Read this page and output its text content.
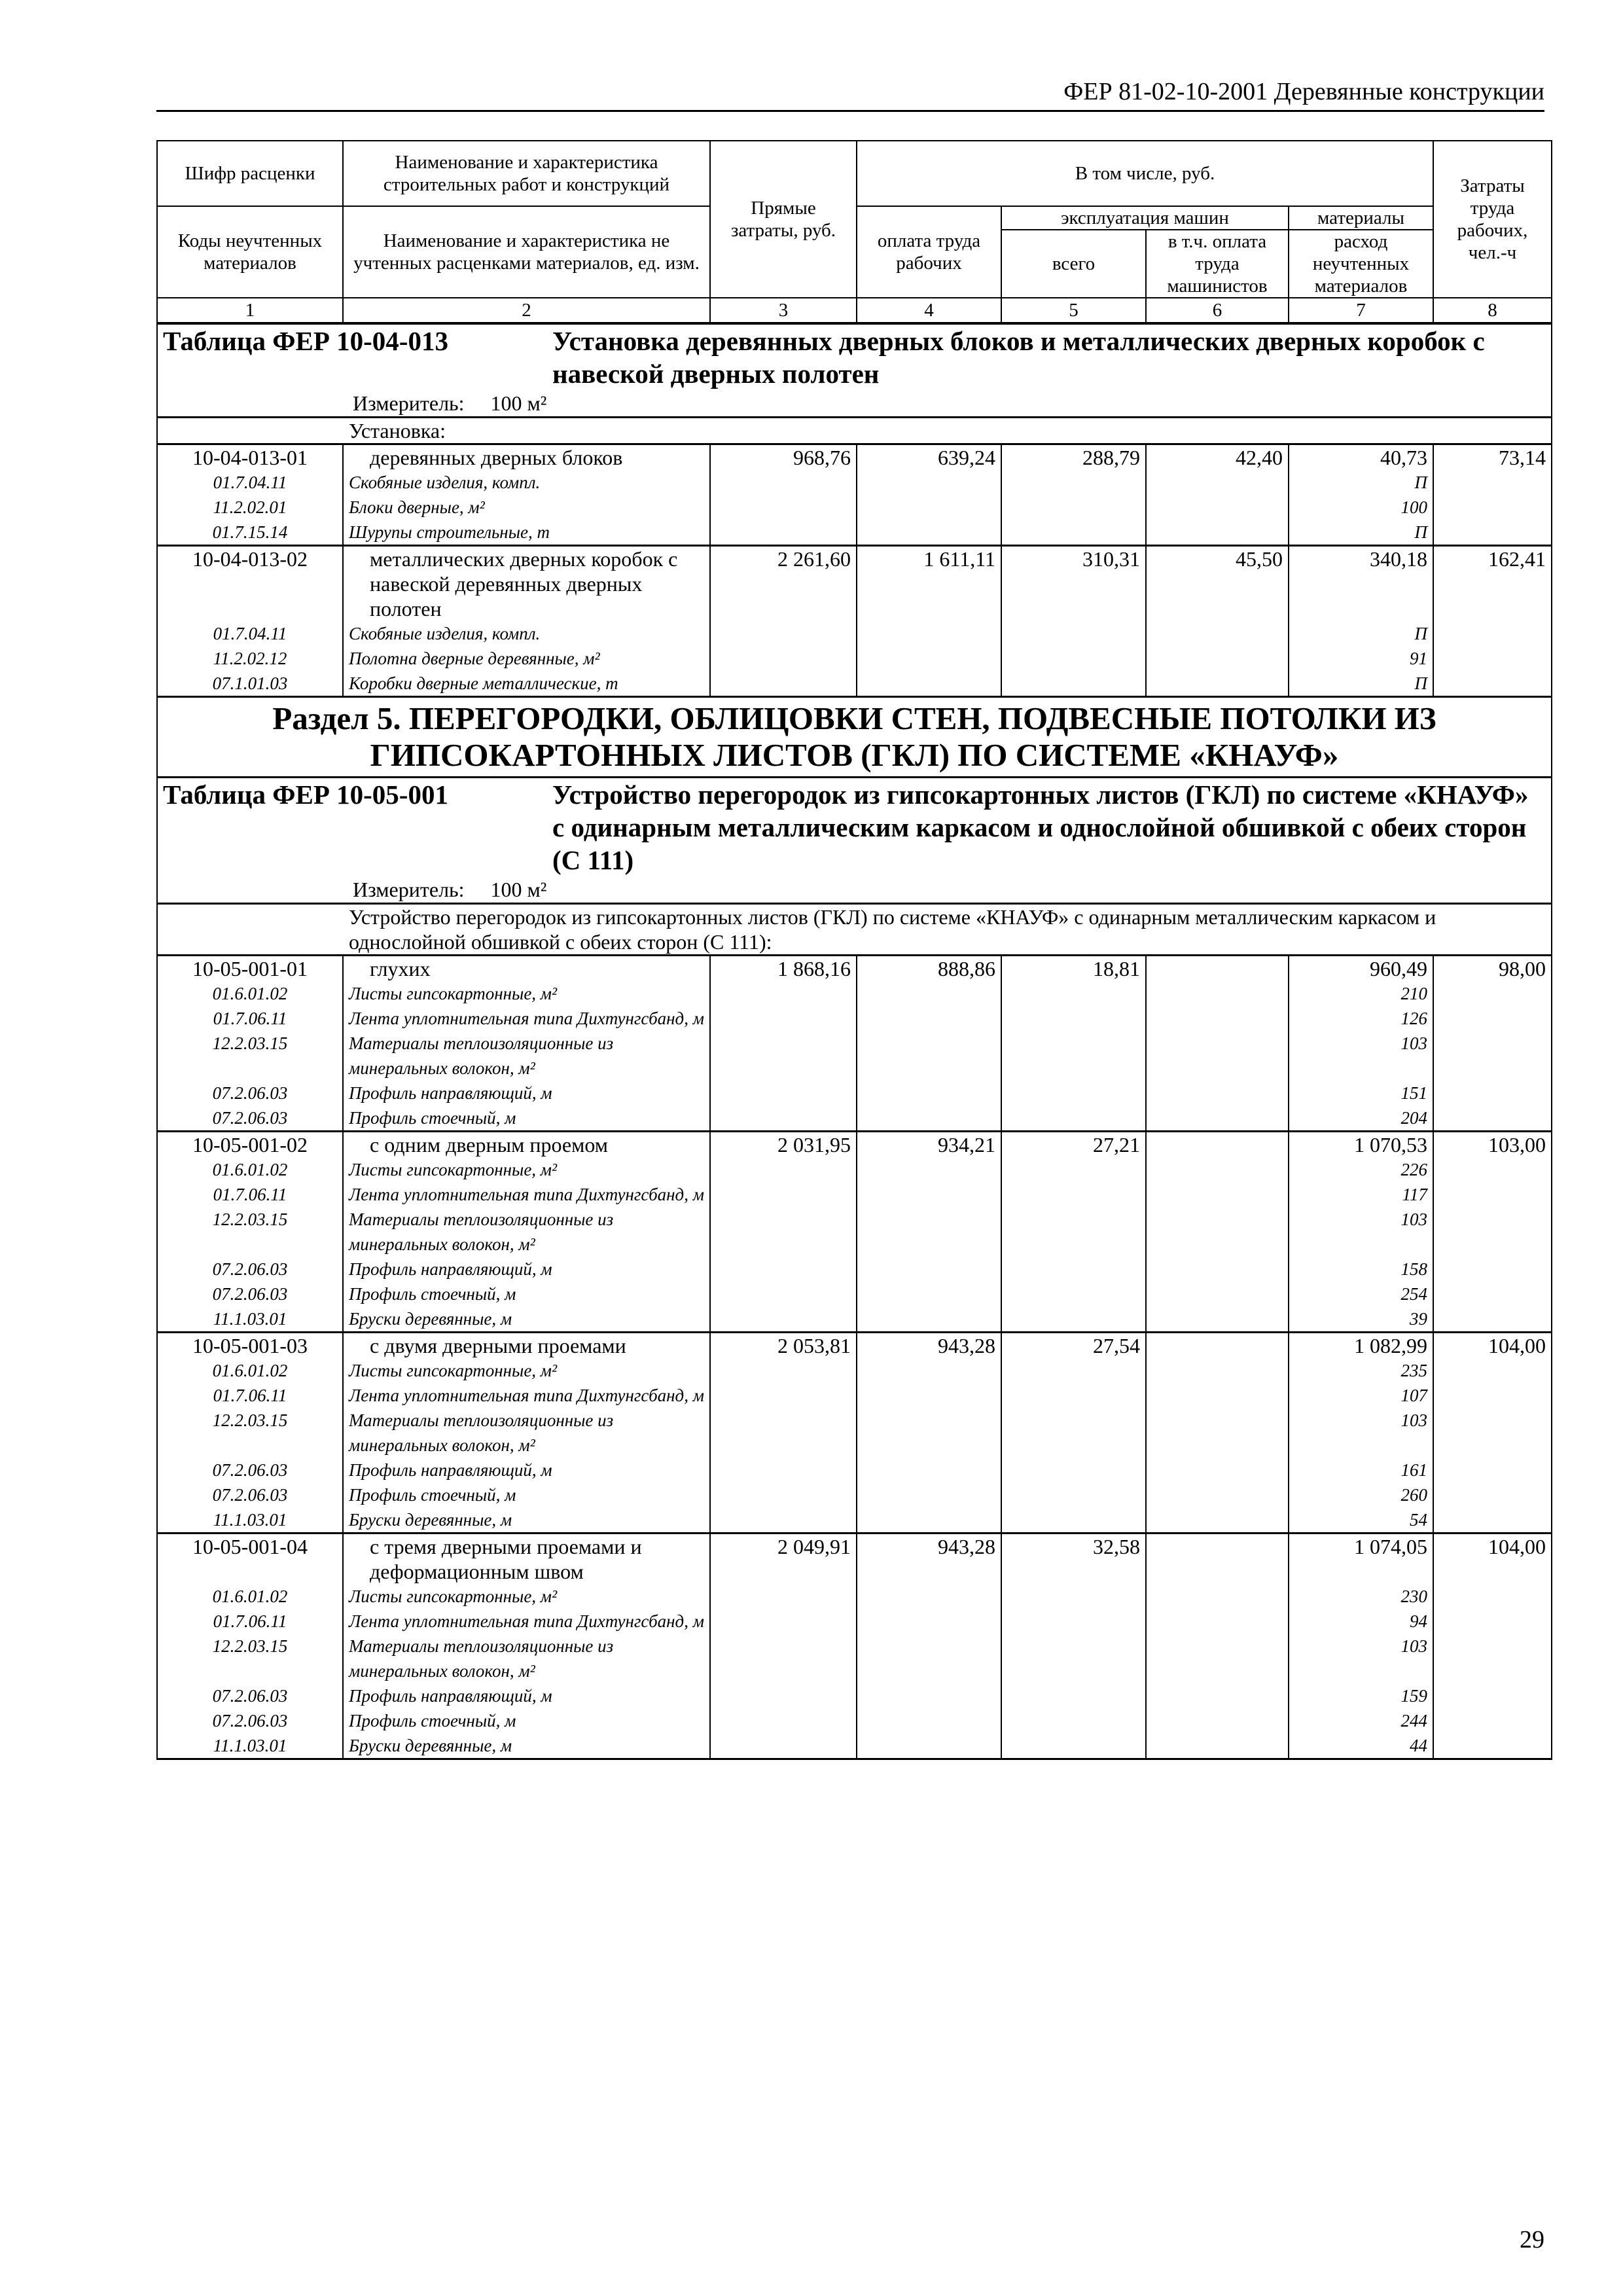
ФЕР 81-02-10-2001 Деревянные конструкции
Шифр расценки	Наименование и характеристика строительных работ и конструкций	Прямые затраты, руб.	В том числе, руб.				Затраты труда рабочих, чел.-ч
Коды неучтенных материалов	Наименование и характеристика не учтенных расценками материалов, ед. изм.		оплата труда рабочих	эксплуатация машин		материалы	
				всего	в т.ч. оплата труда машинистов	расход неучтенных материалов	
1	2	3	4	5	6	7	8

Таблица ФЕР 10-04-013 Установка деревянных дверных блоков и металлических дверных коробок с навеской дверных полотен
Измеритель: 100 м²							

Установка:							
10-04-013-01	деревянных дверных блоков	968,76	639,24	288,79	42,40	40,73	73,14
01.7.04.11	Скобяные изделия, компл.					П	
11.2.02.01	Блоки дверные, м²					100	
01.7.15.14	Шурупы строительные, т					П	
10-04-013-02	металлических дверных коробок с навеской деревянных дверных полотен	2 261,60	1 611,11	310,31	45,50	340,18	162,41
01.7.04.11	Скобяные изделия, компл.					П	
11.2.02.12	Полотна дверные деревянные, м²					91	
07.1.01.03	Коробки дверные металлические, т					П	
Раздел 5. ПЕРЕГОРОДКИ, ОБЛИЦОВКИ СТЕН, ПОДВЕСНЫЕ ПОТОЛКИ ИЗ ГИПСОКАРТОННЫХ ЛИСТОВ (ГКЛ) ПО СИСТЕМЕ «КНАУФ»							

Таблица ФЕР 10-05-001 Устройство перегородок из гипсокартонных листов (ГКЛ) по системе «КНАУФ» с одинарным металлическим каркасом и однослойной обшивкой с обеих сторон (С 111)
Измеритель: 100 м²							

Устройство перегородок из гипсокартонных листов (ГКЛ) по системе «КНАУФ» с одинарным металлическим каркасом и однослойной обшивкой с обеих сторон (С 111):							
10-05-001-01	глухих	1 868,16	888,86	18,81		960,49	98,00
01.6.01.02	Листы гипсокартонные, м²					210	
01.7.06.11	Лента уплотнительная типа Дихтунгсбанд, м					126	
12.2.03.15	Материалы теплоизоляционные из минеральных волокон, м²					103	
07.2.06.03	Профиль направляющий, м					151	
07.2.06.03	Профиль стоечный, м					204	
10-05-001-02	с одним дверным проемом	2 031,95	934,21	27,21		1 070,53	103,00
01.6.01.02	Листы гипсокартонные, м²					226	
01.7.06.11	Лента уплотнительная типа Дихтунгсбанд, м					117	
12.2.03.15	Материалы теплоизоляционные из минеральных волокон, м²					103	
07.2.06.03	Профиль направляющий, м					158	
07.2.06.03	Профиль стоечный, м					254	
11.1.03.01	Бруски деревянные, м					39	
10-05-001-03	с двумя дверными проемами	2 053,81	943,28	27,54		1 082,99	104,00
01.6.01.02	Листы гипсокартонные, м²					235	
01.7.06.11	Лента уплотнительная типа Дихтунгсбанд, м					107	
12.2.03.15	Материалы теплоизоляционные из минеральных волокон, м²					103	
07.2.06.03	Профиль направляющий, м					161	
07.2.06.03	Профиль стоечный, м					260	
11.1.03.01	Бруски деревянные, м					54	
10-05-001-04	с тремя дверными проемами и деформационным швом	2 049,91	943,28	32,58		1 074,05	104,00
01.6.01.02	Листы гипсокартонные, м²					230	
01.7.06.11	Лента уплотнительная типа Дихтунгсбанд, м					94	
12.2.03.15	Материалы теплоизоляционные из минеральных волокон, м²					103	
07.2.06.03	Профиль направляющий, м					159	
07.2.06.03	Профиль стоечный, м					244	
11.1.03.01	Бруски деревянные, м					44	
29
